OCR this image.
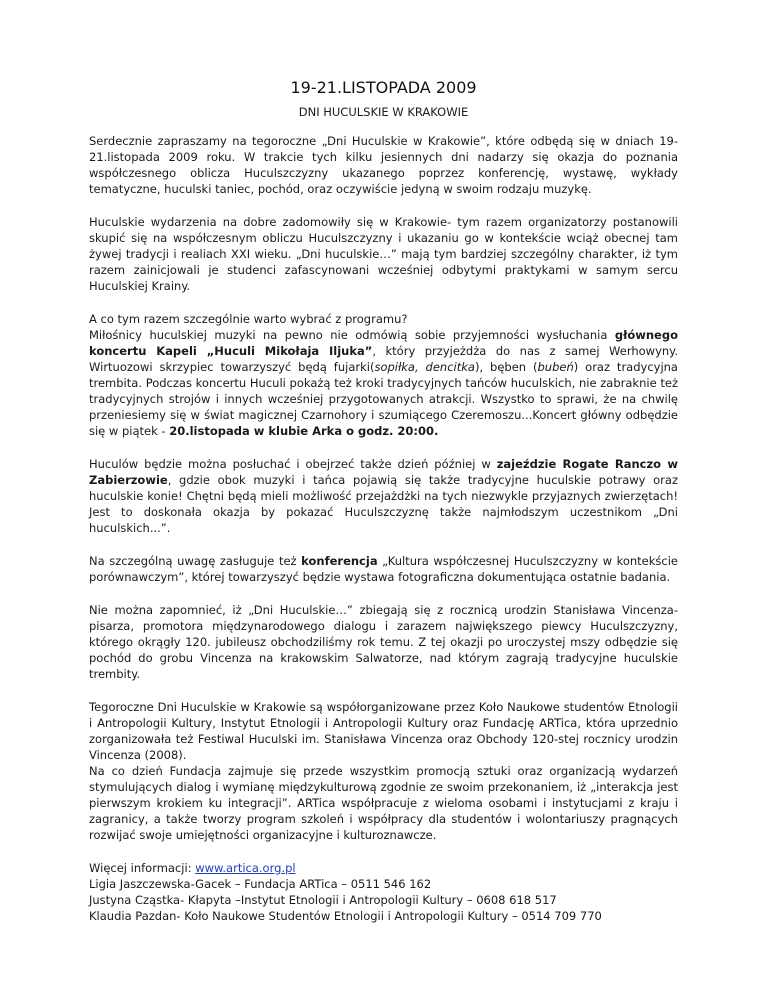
19-21.LISTOPADA 2009
DNI HUCULSKIE W KRAKOWIE

Serdecznie zapraszamy na tegoroczne „Dni Huculskie w Krakowie”, które odbędą się w dniach 19-21.listopada 2009 roku. W trakcie tych kilku jesiennych dni nadarzy się okazja do poznania współczesnego oblicza Huculszczyzny ukazanego poprzez konferencję, wystawę, wykłady tematyczne, huculski taniec, pochód, oraz oczywiście jedyną w swoim rodzaju muzykę.

Huculskie wydarzenia na dobre zadomowiły się w Krakowie- tym razem organizatorzy postanowili skupić się na współczesnym obliczu Huculszczyzny i ukazaniu go w kontekście wciąż obecnej tam żywej tradycji i realiach XXI wieku. „Dni huculskie…” mają tym bardziej szczególny charakter, iż tym razem zainicjowali je studenci zafascynowani wcześniej odbytymi praktykami w samym sercu Huculskiej Krainy.

A co tym razem szczególnie warto wybrać z programu?

Miłośnicy huculskiej muzyki na pewno nie odmówią sobie przyjemności wysłuchania głównego koncertu Kapeli „Huculi Mikołaja Iljuka”, który przyjeżdża do nas z samej Werhowyny. Wirtuozowi skrzypiec towarzyszyć będą fujarki(sopiłka, dencitka), bęben (bubeń) oraz tradycyjna trembita. Podczas koncertu Huculi pokażą też kroki tradycyjnych tańców huculskich, nie zabraknie też tradycyjnych strojów i innych wcześniej przygotowanych atrakcji. Wszystko to sprawi, że na chwilę przeniesiemy się w świat magicznej Czarnohory i szumiącego Czeremoszu...Koncert główny odbędzie się w piątek - 20.listopada w klubie Arka o godz. 20:00.

Huculów będzie można posłuchać i obejrzeć także dzień później w zajeździe Rogate Ranczo w Zabierzowie, gdzie obok muzyki i tańca pojawią się także tradycyjne huculskie potrawy oraz huculskie konie! Chętni będą mieli możliwość przejażdżki na tych niezwykle przyjaznych zwierzętach! Jest to doskonała okazja by pokazać Huculszczyznę także najmłodszym uczestnikom „Dni huculskich...”.

Na szczególną uwagę zasługuje też konferencja „Kultura współczesnej Huculszczyzny w kontekście porównawczym”, której towarzyszyć będzie wystawa fotograficzna dokumentująca ostatnie badania.

Nie można zapomnieć, iż „Dni Huculskie…” zbiegają się z rocznicą urodzin Stanisława Vincenza-pisarza, promotora międzynarodowego dialogu i zarazem największego piewcy Huculszczyzny, którego okrągły 120. jubileusz obchodziliśmy rok temu. Z tej okazji po uroczystej mszy odbędzie się pochód do grobu Vincenza na krakowskim Salwatorze, nad którym zagrają tradycyjne huculskie trembity.

Tegoroczne Dni Huculskie w Krakowie są współorganizowane przez Koło Naukowe studentów Etnologii i Antropologii Kultury, Instytut Etnologii i Antropologii Kultury oraz Fundację ARTica, która uprzednio zorganizowała też Festiwal Huculski im. Stanisława Vincenza oraz Obchody 120-stej rocznicy urodzin Vincenza (2008).

Na co dzień Fundacja zajmuje się przede wszystkim promocją sztuki oraz organizacją wydarzeń stymulujących dialog i wymianę międzykulturową zgodnie ze swoim przekonaniem, iż „interakcja jest pierwszym krokiem ku integracji”. ARTica współpracuje z wieloma osobami i instytucjami z kraju i zagranicy, a także tworzy program szkoleń i współpracy dla studentów i wolontariuszy pragnących rozwijać swoje umiejętności organizacyjne i kulturoznawcze.

Więcej informacji: www.artica.org.pl
Ligia Jaszczewska-Gacek – Fundacja ARTica – 0511 546 162
Justyna Cząstka- Kłapyta –Instytut Etnologii i Antropologii Kultury – 0608 618 517
Klaudia Pazdan- Koło Naukowe Studentów Etnologii i Antropologii Kultury – 0514 709 770
